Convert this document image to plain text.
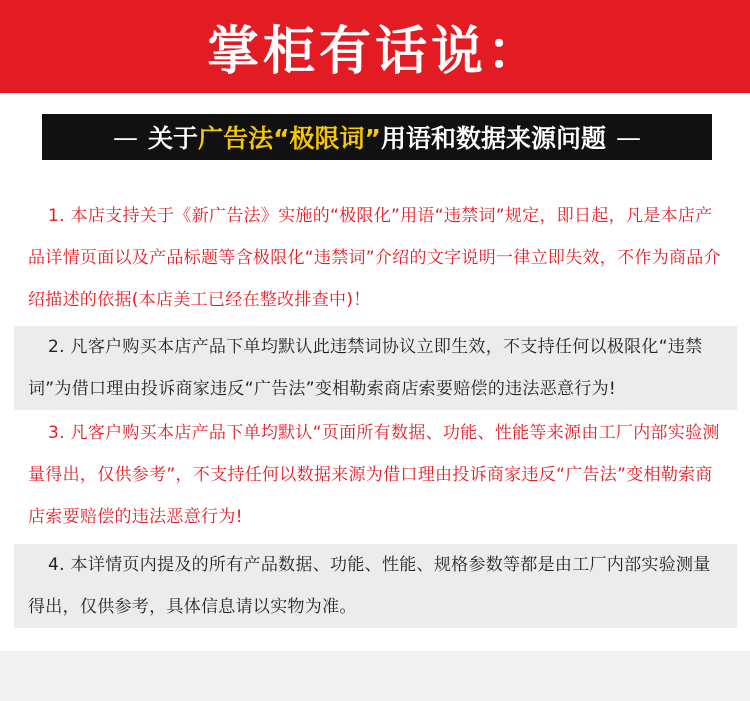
掌柜有话说：
— 关于 广告法“极限词” 用语和数据来源问题 —
1. 本店支持关于《新广告法》实施的“极限化”用语“违禁词”规定，即日起，凡是本店产品详情页面以及产品标题等含极限化“违禁词”介绍的文字说明一律立即失效，不作为商品介绍描述的依据(本店美工已经在整改排查中)！
2. 凡客户购买本店产品下单均默认此违禁词协议立即生效，不支持任何以极限化“违禁词”为借口理由投诉商家违反“广告法”变相勒索商店索要赔偿的违法恶意行为!
3. 凡客户购买本店产品下单均默认“页面所有数据、功能、性能等来源由工厂内部实验测量得出，仅供参考”，不支持任何以数据来源为借口理由投诉商家违反“广告法”变相勒索商店索要赔偿的违法恶意行为!
4. 本详情页内提及的所有产品数据、功能、性能、规格参数等都是由工厂内部实验测量得出，仅供参考，具体信息请以实物为准。
